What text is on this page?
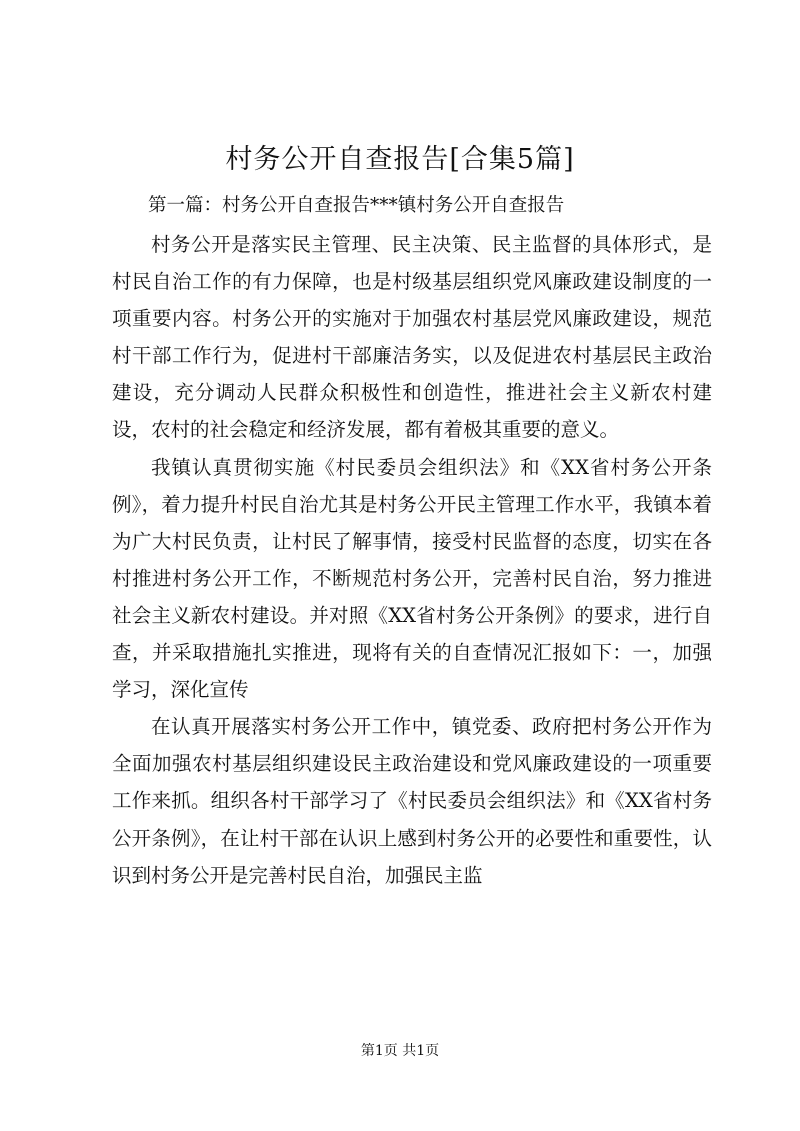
村务公开自查报告[合集5篇]

第一篇：村务公开自查报告***镇村务公开自查报告

村务公开是落实民主管理、民主决策、民主监督的具体形式，是村民自治工作的有力保障，也是村级基层组织党风廉政建设制度的一项重要内容。村务公开的实施对于加强农村基层党风廉政建设，规范村干部工作行为，促进村干部廉洁务实，以及促进农村基层民主政治建设，充分调动人民群众积极性和创造性，推进社会主义新农村建设，农村的社会稳定和经济发展，都有着极其重要的意义。

我镇认真贯彻实施《村民委员会组织法》和《XX省村务公开条例》，着力提升村民自治尤其是村务公开民主管理工作水平，我镇本着为广大村民负责，让村民了解事情，接受村民监督的态度，切实在各村推进村务公开工作，不断规范村务公开，完善村民自治，努力推进社会主义新农村建设。并对照《XX省村务公开条例》的要求，进行自查，并采取措施扎实推进，现将有关的自查情况汇报如下：一，加强学习，深化宣传

在认真开展落实村务公开工作中，镇党委、政府把村务公开作为全面加强农村基层组织建设民主政治建设和党风廉政建设的一项重要工作来抓。组织各村干部学习了《村民委员会组织法》和《XX省村务公开条例》，在让村干部在认识上感到村务公开的必要性和重要性，认识到村务公开是完善村民自治，加强民主监

第1页 共1页
